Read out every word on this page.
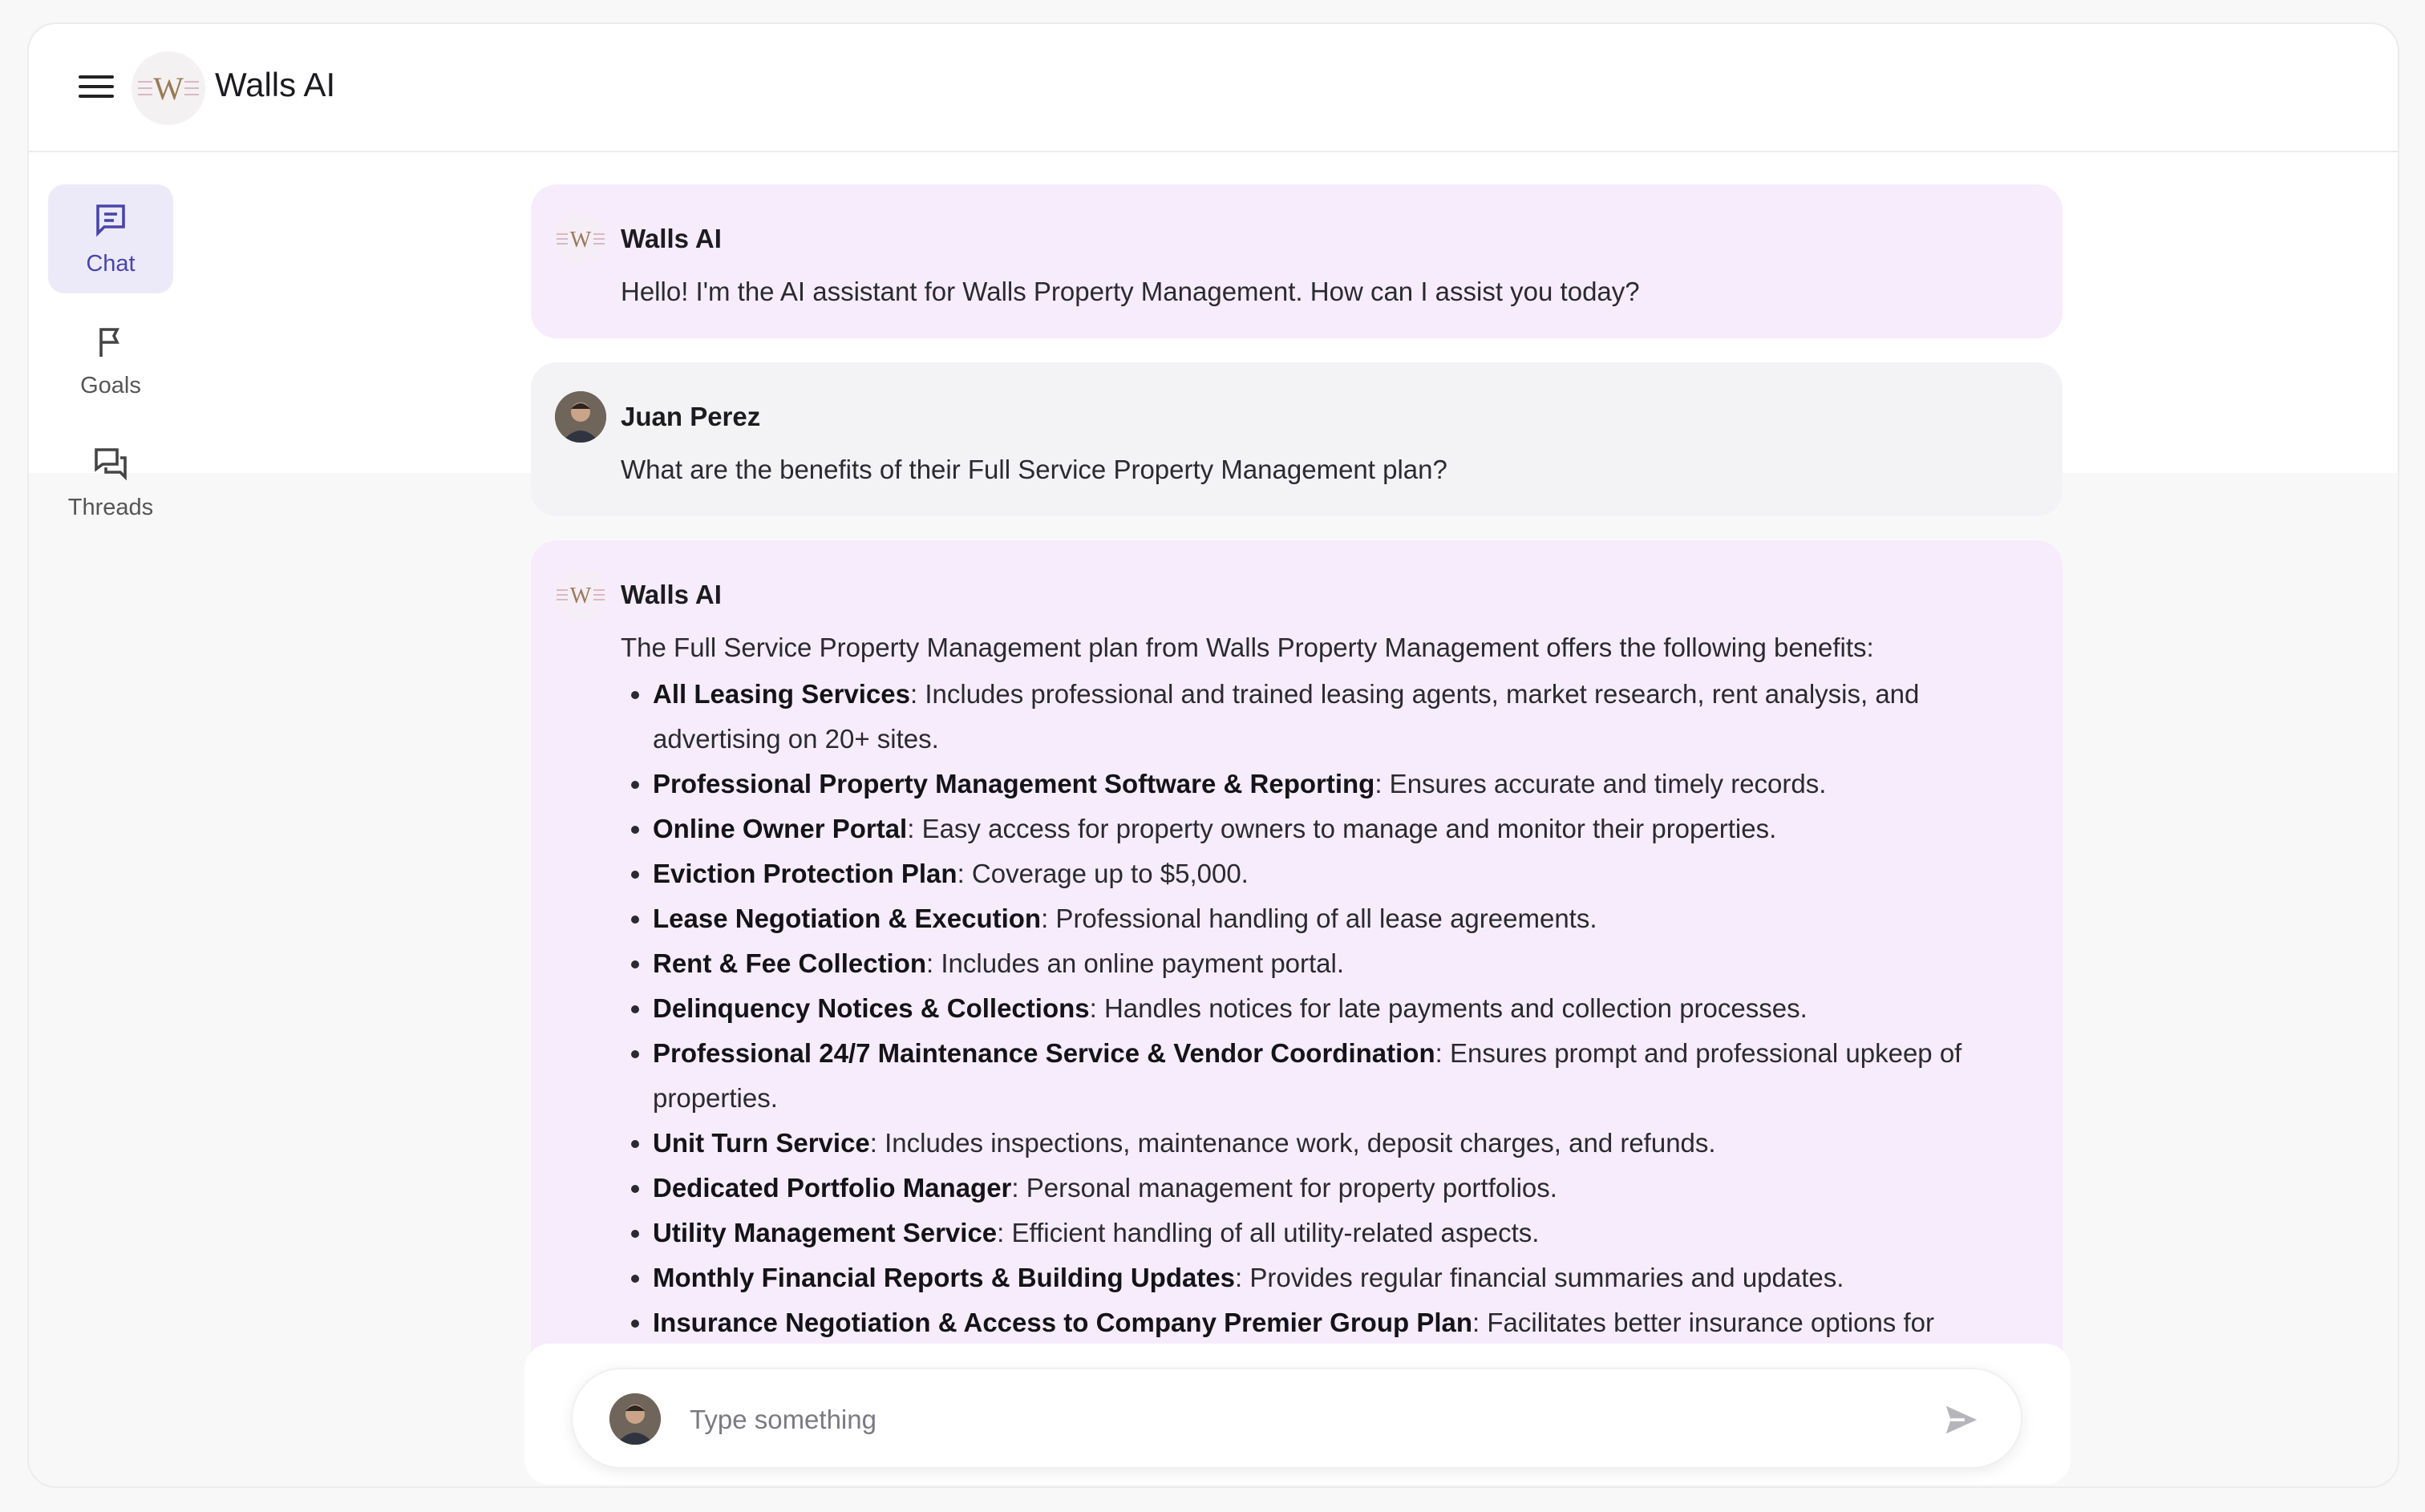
W Walls AI
Chat
Goals
Threads
W Walls AI
Hello! I'm the AI assistant for Walls Property Management. How can I assist you today?
Juan Perez
What are the benefits of their Full Service Property Management plan?
W Walls AI
The Full Service Property Management plan from Walls Property Management offers the following benefits:
• All Leasing Services: Includes professional and trained leasing agents, market research, rent analysis, and advertising on 20+ sites.
• Professional Property Management Software & Reporting: Ensures accurate and timely records.
• Online Owner Portal: Easy access for property owners to manage and monitor their properties.
• Eviction Protection Plan: Coverage up to $5,000.
• Lease Negotiation & Execution: Professional handling of all lease agreements.
• Rent & Fee Collection: Includes an online payment portal.
• Delinquency Notices & Collections: Handles notices for late payments and collection processes.
• Professional 24/7 Maintenance Service & Vendor Coordination: Ensures prompt and professional upkeep of properties.
• Unit Turn Service: Includes inspections, maintenance work, deposit charges, and refunds.
• Dedicated Portfolio Manager: Personal management for property portfolios.
• Utility Management Service: Efficient handling of all utility-related aspects.
• Monthly Financial Reports & Building Updates: Provides regular financial summaries and updates.
• Insurance Negotiation & Access to Company Premier Group Plan: Facilitates better insurance options for
Type something
